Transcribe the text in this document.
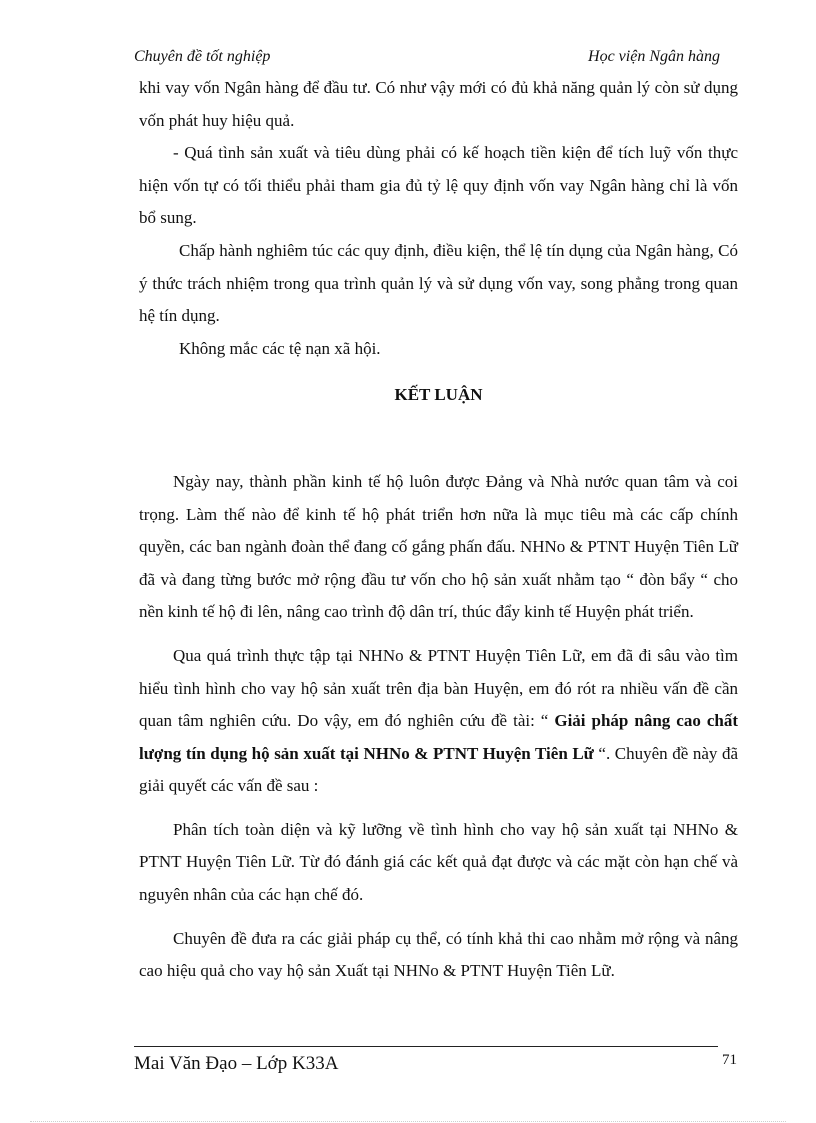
Chuyên đề tốt nghiệp	Học viện Ngân hàng

khi vay vốn Ngân hàng để đầu tư. Có như vậy mới có đủ khả năng quản lý còn sử dụng vốn phát huy hiệu quả.

- Quá tình sản xuất và tiêu dùng phải có kế hoạch tiền kiện để tích luỹ vốn thực hiện vốn tự có tối thiểu phải tham gia đủ tỷ lệ quy định vốn vay Ngân hàng chỉ là vốn bổ sung.

Chấp hành nghiêm túc các quy định, điều kiện, thể lệ tín dụng của Ngân hàng, Có ý thức trách nhiệm trong qua trình quản lý và sử dụng vốn vay, song phẳng trong quan hệ tín dụng.

Không mắc các tệ nạn xã hội.

KẾT LUẬN

Ngày nay, thành phần kinh tế hộ luôn được Đảng và Nhà nước quan tâm và coi trọng. Làm thế nào để kinh tế hộ phát triển hơn nữa là mục tiêu mà các cấp chính quyền, các ban ngành đoàn thể đang cố gắng phấn đấu. NHNo & PTNT Huyện Tiên Lữ đã và đang từng bước mở rộng đầu tư vốn cho hộ sản xuất nhằm tạo “ đòn bẩy “ cho nền kinh tế hộ đi lên, nâng cao trình độ dân trí, thúc đẩy kinh tế Huyện phát triển.

Qua quá trình thực tập tại NHNo & PTNT Huyện Tiên Lữ, em đã đi sâu vào tìm hiểu tình hình cho vay hộ sản xuất trên địa bàn Huyện, em đó rót ra nhiều vấn đề cần quan tâm nghiên cứu. Do vậy, em đó nghiên cứu đề tài: “ Giải pháp nâng cao chất lượng tín dụng hộ sản xuất tại NHNo & PTNT Huyện Tiên Lữ “. Chuyên đề này đã giải quyết các vấn đề sau :

Phân tích toàn diện và kỹ lưỡng về tình hình cho vay hộ sản xuất tại NHNo & PTNT Huyện Tiên Lữ. Từ đó đánh giá các kết quả đạt được và các mặt còn hạn chế và nguyên nhân của các hạn chế đó.

Chuyên đề đưa ra các giải pháp cụ thể, có tính khả thi cao nhằm mở rộng và nâng cao hiệu quả cho vay hộ sản Xuất tại NHNo & PTNT Huyện Tiên Lữ.

Mai Văn Đạo – Lớp K33A	71
